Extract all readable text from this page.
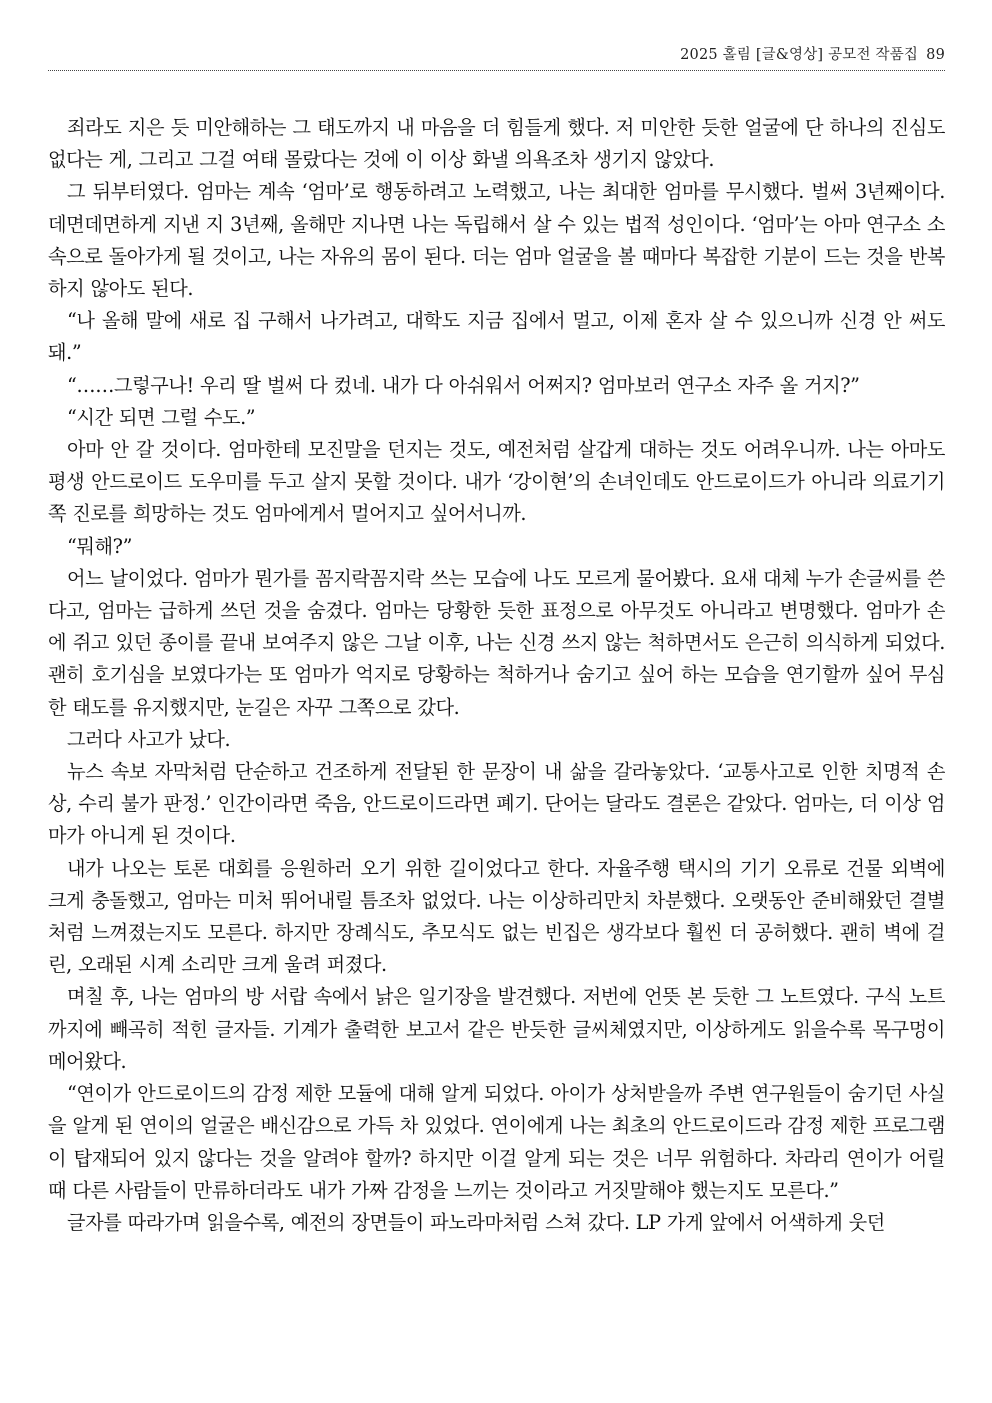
2025 홀림 [글&영상] 공모전 작품집 89

죄라도 지은 듯 미안해하는 그 태도까지 내 마음을 더 힘들게 했다. 저 미안한 듯한 얼굴에 단 하나의 진심도 없다는 게, 그리고 그걸 여태 몰랐다는 것에 이 이상 화낼 의욕조차 생기지 않았다.

그 뒤부터였다. 엄마는 계속 ‘엄마’로 행동하려고 노력했고, 나는 최대한 엄마를 무시했다. 벌써 3년째이다. 데면데면하게 지낸 지 3년째, 올해만 지나면 나는 독립해서 살 수 있는 법적 성인이다. ‘엄마’는 아마 연구소 소속으로 돌아가게 될 것이고, 나는 자유의 몸이 된다. 더는 엄마 얼굴을 볼 때마다 복잡한 기분이 드는 것을 반복하지 않아도 된다.

“나 올해 말에 새로 집 구해서 나가려고, 대학도 지금 집에서 멀고, 이제 혼자 살 수 있으니까 신경 안 써도 돼.”

“……그렇구나! 우리 딸 벌써 다 컸네. 내가 다 아쉬워서 어쩌지? 엄마보러 연구소 자주 올 거지?”

“시간 되면 그럴 수도.”

아마 안 갈 것이다. 엄마한테 모진말을 던지는 것도, 예전처럼 살갑게 대하는 것도 어려우니까. 나는 아마도 평생 안드로이드 도우미를 두고 살지 못할 것이다. 내가 ‘강이현’의 손녀인데도 안드로이드가 아니라 의료기기 쪽 진로를 희망하는 것도 엄마에게서 멀어지고 싶어서니까.

“뭐해?”

어느 날이었다. 엄마가 뭔가를 꼼지락꼼지락 쓰는 모습에 나도 모르게 물어봤다. 요새 대체 누가 손글씨를 쓴다고, 엄마는 급하게 쓰던 것을 숨겼다. 엄마는 당황한 듯한 표정으로 아무것도 아니라고 변명했다. 엄마가 손에 쥐고 있던 종이를 끝내 보여주지 않은 그날 이후, 나는 신경 쓰지 않는 척하면서도 은근히 의식하게 되었다. 괜히 호기심을 보였다가는 또 엄마가 억지로 당황하는 척하거나 숨기고 싶어 하는 모습을 연기할까 싶어 무심한 태도를 유지했지만, 눈길은 자꾸 그쪽으로 갔다.

그러다 사고가 났다.

뉴스 속보 자막처럼 단순하고 건조하게 전달된 한 문장이 내 삶을 갈라놓았다. ‘교통사고로 인한 치명적 손상, 수리 불가 판정.’ 인간이라면 죽음, 안드로이드라면 폐기. 단어는 달라도 결론은 같았다. 엄마는, 더 이상 엄마가 아니게 된 것이다.

내가 나오는 토론 대회를 응원하러 오기 위한 길이었다고 한다. 자율주행 택시의 기기 오류로 건물 외벽에 크게 충돌했고, 엄마는 미처 뛰어내릴 틈조차 없었다. 나는 이상하리만치 차분했다. 오랫동안 준비해왔던 결별처럼 느껴졌는지도 모른다. 하지만 장례식도, 추모식도 없는 빈집은 생각보다 훨씬 더 공허했다. 괜히 벽에 걸린, 오래된 시계 소리만 크게 울려 퍼졌다.

며칠 후, 나는 엄마의 방 서랍 속에서 낡은 일기장을 발견했다. 저번에 언뜻 본 듯한 그 노트였다. 구식 노트까지에 빼곡히 적힌 글자들. 기계가 출력한 보고서 같은 반듯한 글씨체였지만, 이상하게도 읽을수록 목구멍이 메어왔다.

“연이가 안드로이드의 감정 제한 모듈에 대해 알게 되었다. 아이가 상처받을까 주변 연구원들이 숨기던 사실을 알게 된 연이의 얼굴은 배신감으로 가득 차 있었다. 연이에게 나는 최초의 안드로이드라 감정 제한 프로그램이 탑재되어 있지 않다는 것을 알려야 할까? 하지만 이걸 알게 되는 것은 너무 위험하다. 차라리 연이가 어릴 때 다른 사람들이 만류하더라도 내가 가짜 감정을 느끼는 것이라고 거짓말해야 했는지도 모른다.”

글자를 따라가며 읽을수록, 예전의 장면들이 파노라마처럼 스쳐 갔다. LP 가게 앞에서 어색하게 웃던
